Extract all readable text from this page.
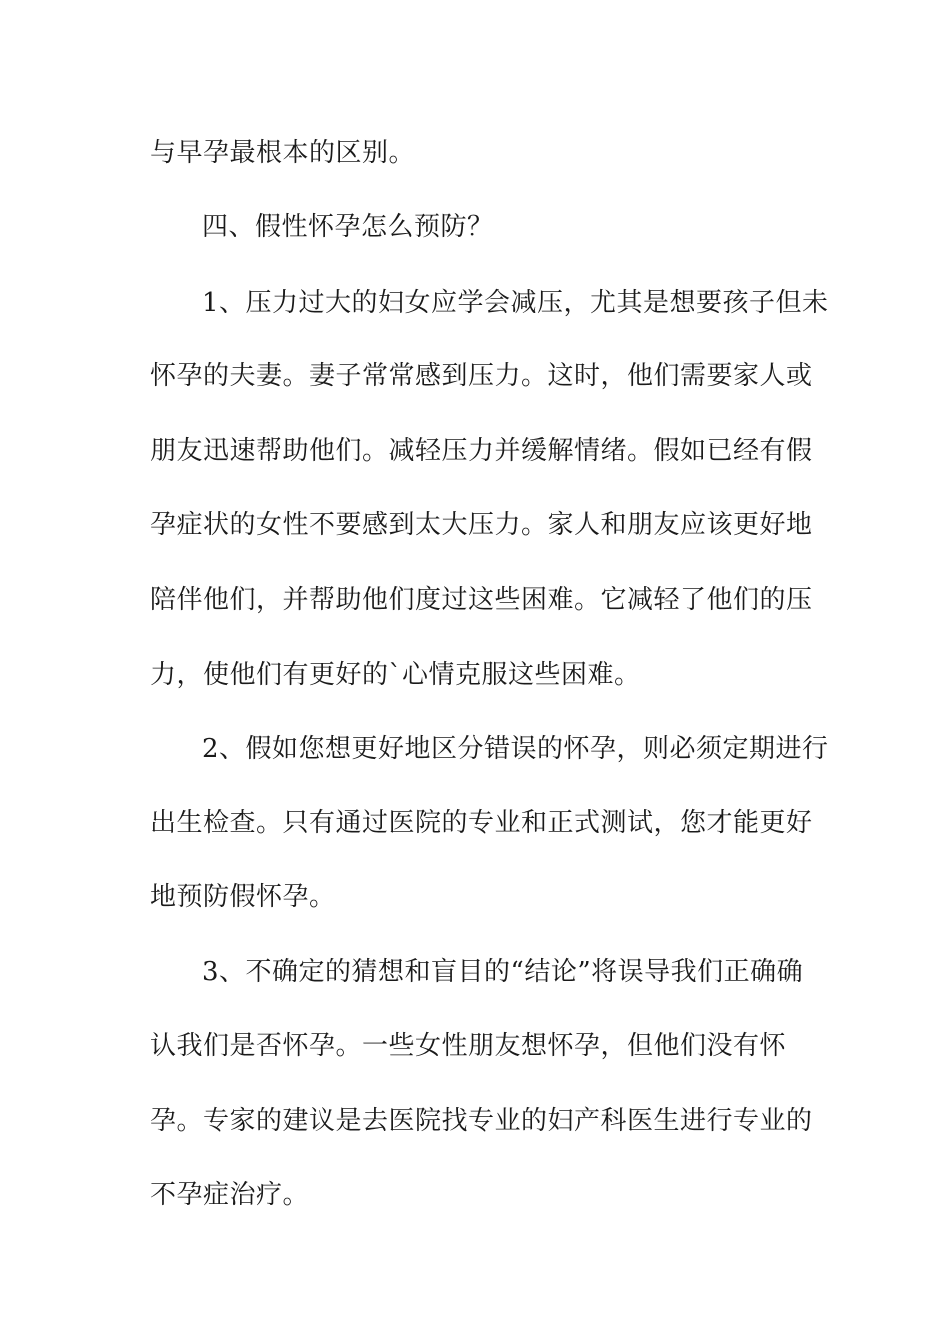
与早孕最根本的区别。
四、假性怀孕怎么预防？
1、压力过大的妇女应学会减压，尤其是想要孩子但未
怀孕的夫妻。妻子常常感到压力。这时，他们需要家人或
朋友迅速帮助他们。减轻压力并缓解情绪。假如已经有假
孕症状的女性不要感到太大压力。家人和朋友应该更好地
陪伴他们，并帮助他们度过这些困难。它减轻了他们的压
力，使他们有更好的`心情克服这些困难。
2、假如您想更好地区分错误的怀孕，则必须定期进行
出生检查。只有通过医院的专业和正式测试，您才能更好
地预防假怀孕。
3、不确定的猜想和盲目的“结论”将误导我们正确确
认我们是否怀孕。一些女性朋友想怀孕，但他们没有怀
孕。专家的建议是去医院找专业的妇产科医生进行专业的
不孕症治疗。
